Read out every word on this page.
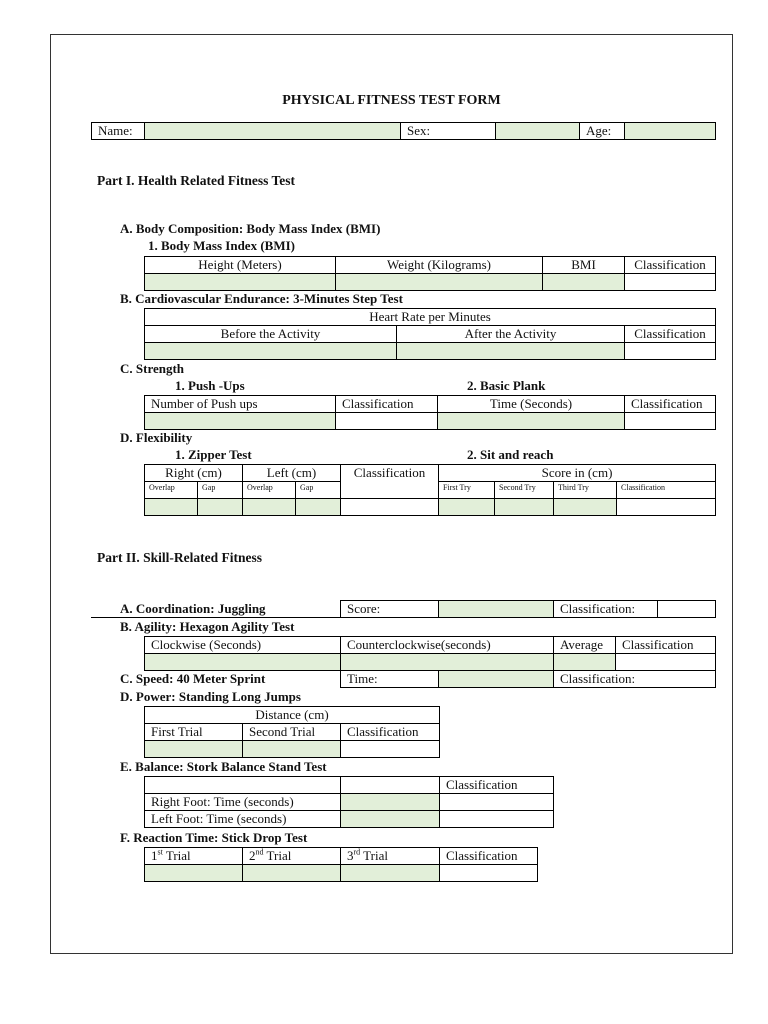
PHYSICAL FITNESS TEST FORM
Name:		Sex:		Age:	
Part I. Health Related Fitness Test
A. Body Composition: Body Mass Index (BMI)
1. Body Mass Index (BMI)
Height (Meters)	Weight (Kilograms)	BMI	Classification

B. Cardiovascular Endurance: 3-Minutes Step Test
Heart Rate per Minutes		
Before the Activity	After the Activity	Classification

C. Strength
1. Push -Ups	2. Basic Plank
Number of Push ups	Classification	Time (Seconds)	Classification

D. Flexibility
1. Zipper Test	2. Sit and reach
Right (cm)		Left (cm)		Classification	Score in (cm)			
Overlap	Gap	Overlap	Gap		First Try	Second Try	Third Try	Classification

Part II. Skill-Related Fitness
A. Coordination: Juggling	Score:		Classification:	
B. Agility: Hexagon Agility Test
Clockwise (Seconds)	Counterclockwise(seconds)	Average	Classification

C. Speed: 40 Meter Sprint	Time:		Classification:
D. Power: Standing Long Jumps
Distance (cm)		
First Trial	Second Trial	Classification

E. Balance: Stork Balance Stand Test
		Classification
Right Foot: Time (seconds)		
Left Foot: Time (seconds)		
F. Reaction Time: Stick Drop Test
1st Trial	2nd Trial	3rd Trial	Classification
